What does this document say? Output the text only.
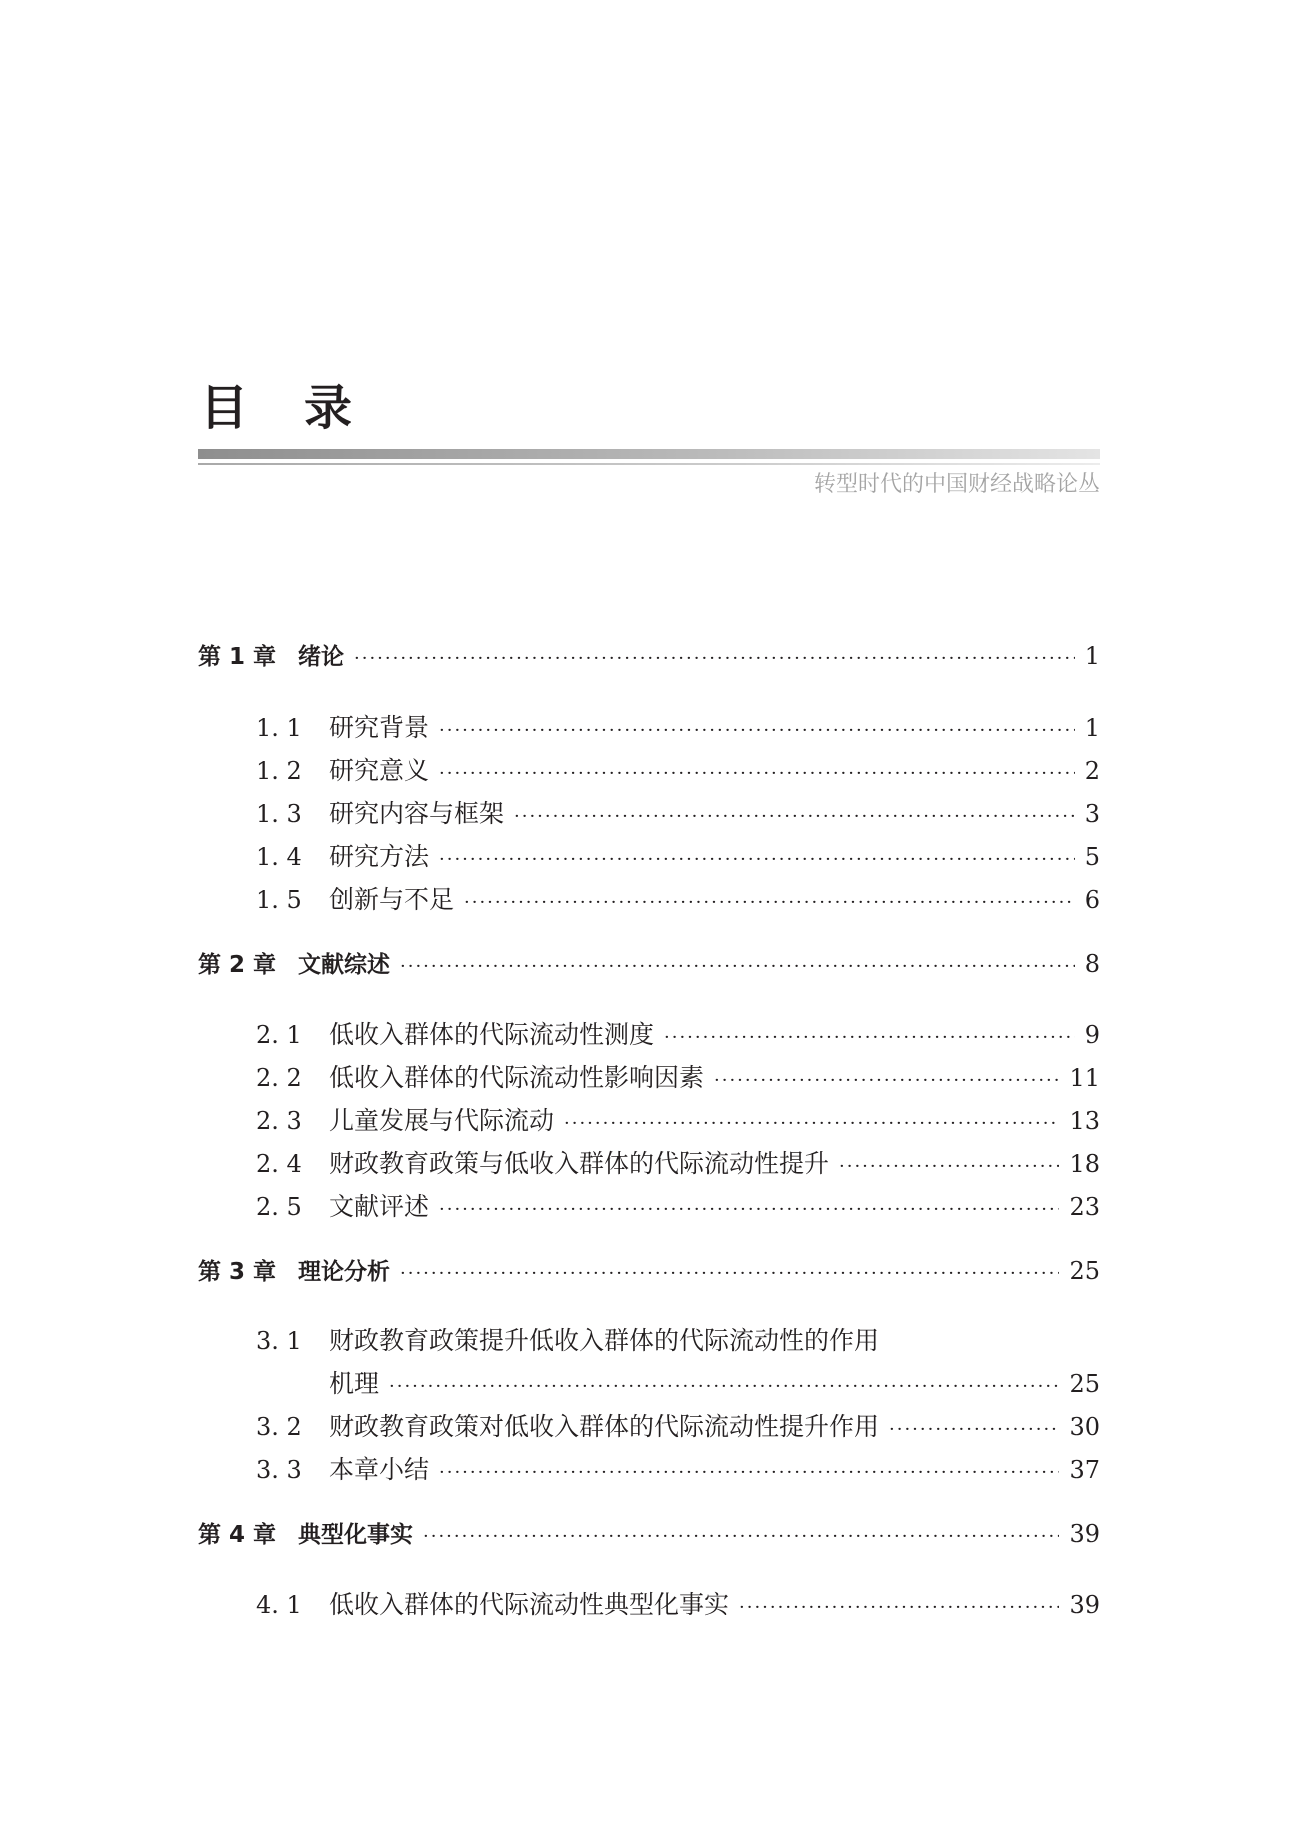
目录
转型时代的中国财经战略论丛
第 1 章 绪论 ·····	1
1. 1	研究背景 ·····	1
1. 2	研究意义 ·····	2
1. 3	研究内容与框架 ·····	3
1. 4	研究方法 ·····	5
1. 5	创新与不足 ·····	6
第 2 章 文献综述 ·····	8
2. 1	低收入群体的代际流动性测度 ·····	9
2. 2	低收入群体的代际流动性影响因素 ·····	11
2. 3	儿童发展与代际流动 ·····	13
2. 4	财政教育政策与低收入群体的代际流动性提升 ·····	18
2. 5	文献评述 ·····	23
第 3 章 理论分析 ·····	25
3. 1	财政教育政策提升低收入群体的代际流动性的作用
机理 ·····	25
3. 2	财政教育政策对低收入群体的代际流动性提升作用 ·····	30
3. 3	本章小结 ·····	37
第 4 章 典型化事实 ·····	39
4. 1	低收入群体的代际流动性典型化事实 ·····	39
